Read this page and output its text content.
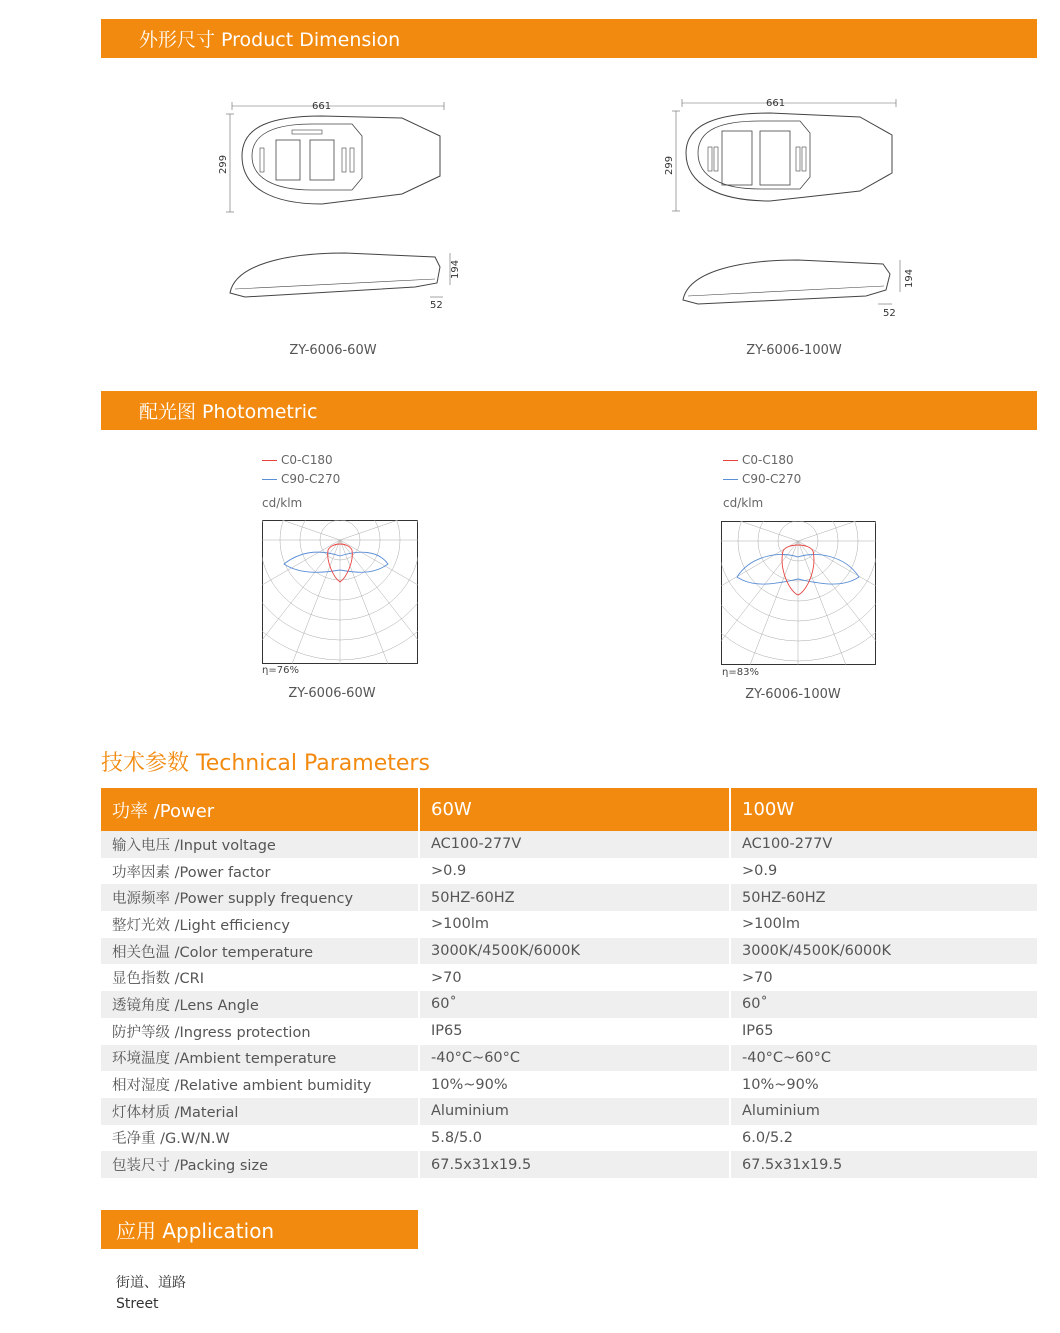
外形尺寸 Product Dimension
661
299
194
52
ZY-6006-60W
661
299
194
52
ZY-6006-100W
配光图 Photometric
C0-C180
C90-C270
cd/klm
η=76%
ZY-6006-60W
C0-C180
C90-C270
cd/klm
η=83%
ZY-6006-100W
技术参数 Technical Parameters
功率 /Power	60W	100W
输入电压 /Input voltage	AC100-277V	AC100-277V
功率因素 /Power factor	>0.9	>0.9
电源频率 /Power supply frequency	50HZ-60HZ	50HZ-60HZ
整灯光效 /Light efficiency	>100lm	>100lm
相关色温 /Color temperature	3000K/4500K/6000K	3000K/4500K/6000K
显色指数 /CRI	>70	>70
透镜角度 /Lens Angle	60˚	60˚
防护等级 /Ingress protection	IP65	IP65
环境温度 /Ambient temperature	-40°C~60°C	-40°C~60°C
相对湿度 /Relative ambient bumidity	10%~90%	10%~90%
灯体材质 /Material	Aluminium	Aluminium
毛净重 /G.W/N.W	5.8/5.0	6.0/5.2
包装尺寸 /Packing size	67.5x31x19.5	67.5x31x19.5
应用 Application
街道、道路
Street
